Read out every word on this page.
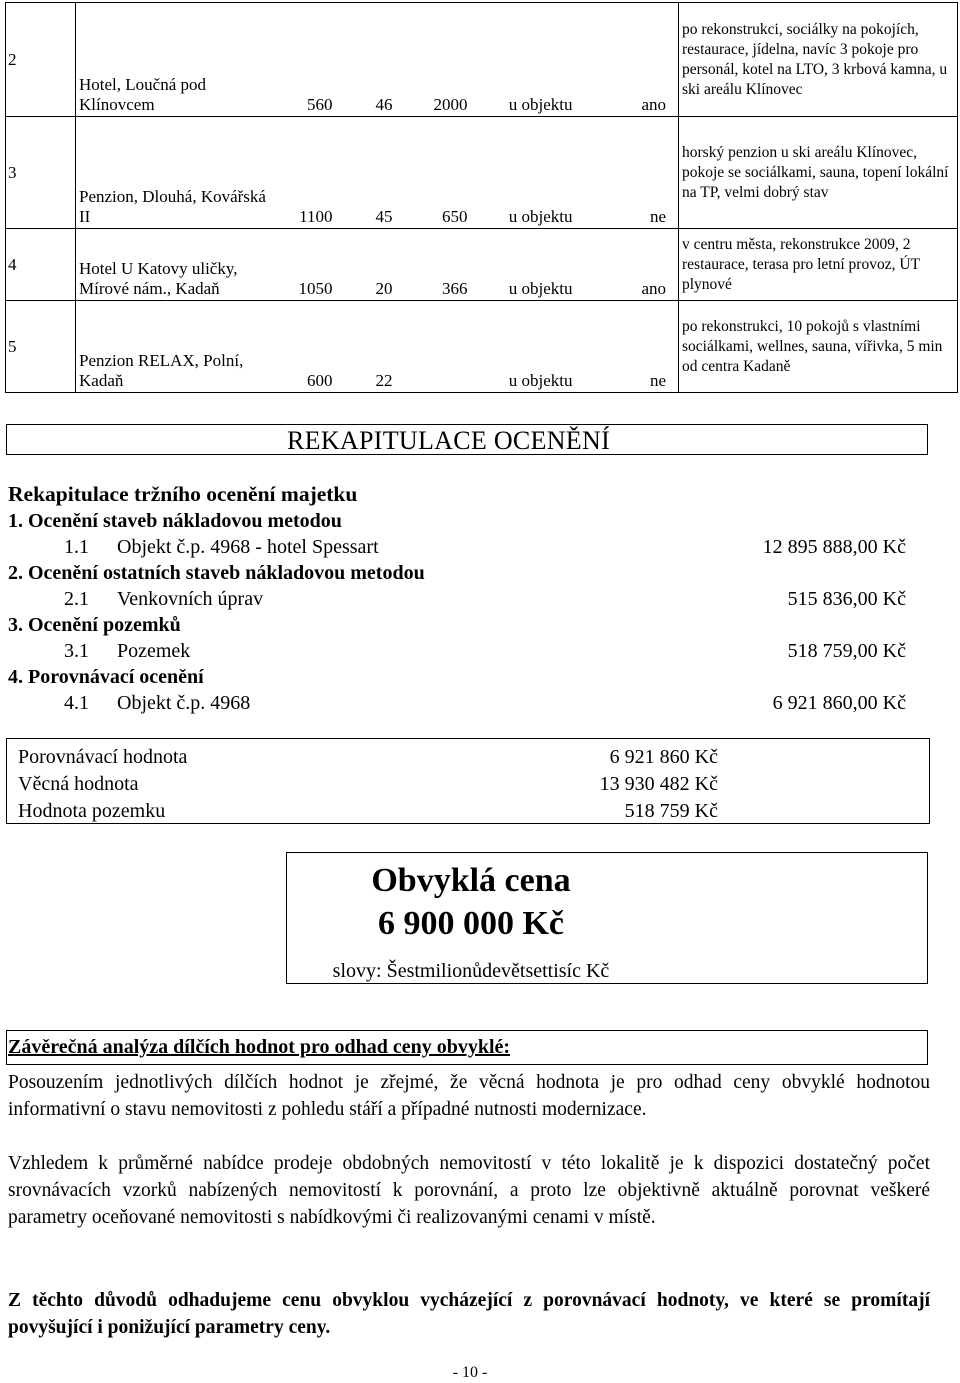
2	Hotel, Loučná pod Klínovcem	560	46	2000	u objektu	ano	po rekonstrukci, sociálky na pokojích, restaurace, jídelna, navíc 3 pokoje pro personál, kotel na LTO, 3 krbová kamna, u ski areálu Klínovec
3	Penzion, Dlouhá, Kovářská II	1100	45	650	u objektu	ne	horský penzion u ski areálu Klínovec, pokoje se sociálkami, sauna, topení lokální na TP, velmi dobrý stav
4	Hotel U Katovy uličky, Mírové nám., Kadaň	1050	20	366	u objektu	ano	v centru města, rekonstrukce 2009, 2 restaurace, terasa pro letní provoz, ÚT plynové
5	Penzion RELAX, Polní, Kadaň	600	22		u objektu	ne	po rekonstrukci, 10 pokojů s vlastními sociálkami, wellnes, sauna, vířivka, 5 min od centra Kadaně
REKAPITULACE OCENĚNÍ
Rekapitulace tržního ocenění majetku
1. Ocenění staveb nákladovou metodou
1.1 Objekt č.p. 4968 - hotel Spessart	12 895 888,00 Kč
2. Ocenění ostatních staveb nákladovou metodou
2.1 Venkovních úprav	515 836,00 Kč
3. Ocenění pozemků
3.1 Pozemek	518 759,00 Kč
4. Porovnávací ocenění
4.1 Objekt č.p. 4968	6 921 860,00 Kč
Porovnávací hodnota	6 921 860 Kč
Věcná hodnota	13 930 482 Kč
Hodnota pozemku	518 759 Kč
Obvyklá cena
6 900 000 Kč
slovy: Šestmilionůdevětsettisíc Kč
Závěrečná analýza dílčích hodnot pro odhad ceny obvyklé:
Posouzením jednotlivých dílčích hodnot je zřejmé, že věcná hodnota je pro odhad ceny obvyklé hodnotou informativní o stavu nemovitosti z pohledu stáří a případné nutnosti modernizace.
Vzhledem k průměrné nabídce prodeje obdobných nemovitostí v této lokalitě je k dispozici dostatečný počet srovnávacích vzorků nabízených nemovitostí k porovnání, a proto lze objektivně aktuálně porovnat veškeré parametry oceňované nemovitosti s nabídkovými či realizovanými cenami v místě.
Z těchto důvodů odhadujeme cenu obvyklou vycházející z porovnávací hodnoty, ve které se promítají povyšující i ponižující parametry ceny.
- 10 -
